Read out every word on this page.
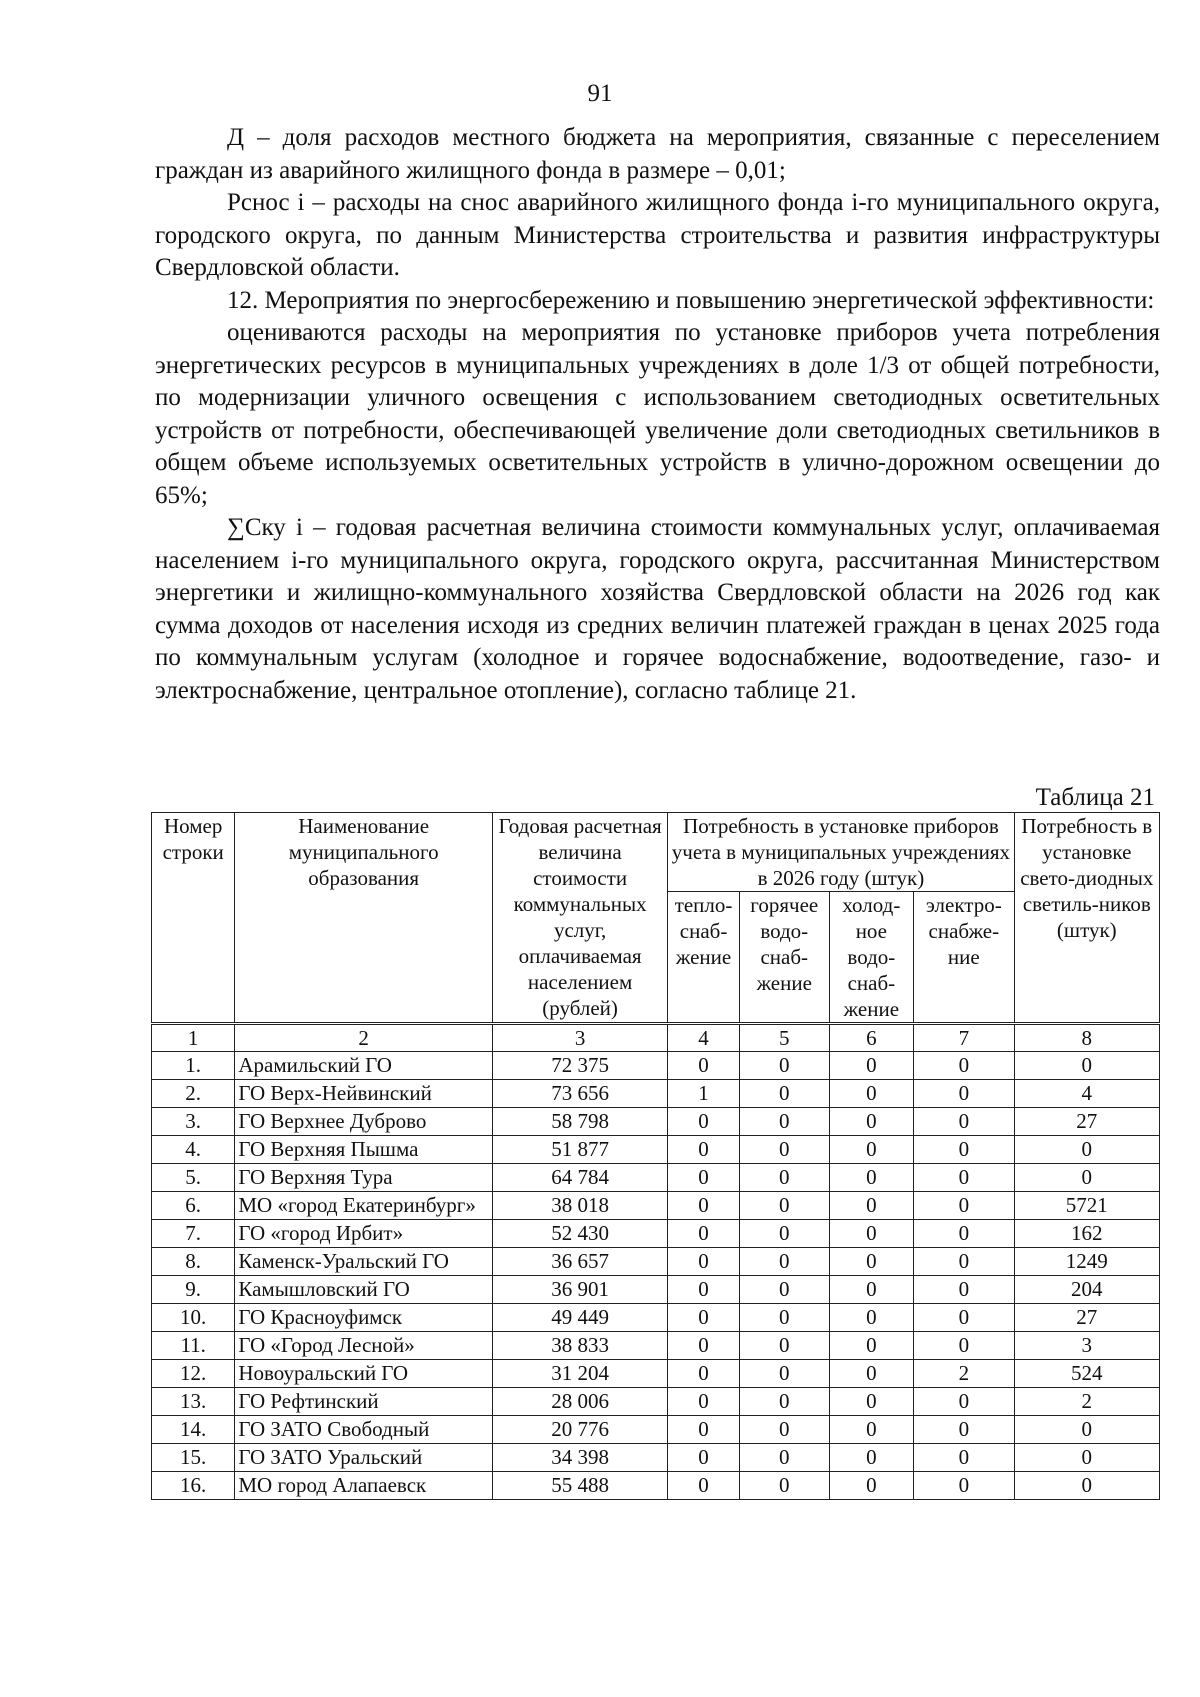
91

Д – доля расходов местного бюджета на мероприятия, связанные с переселением граждан из аварийного жилищного фонда в размере – 0,01;

Рснос i – расходы на снос аварийного жилищного фонда i-го муниципального округа, городского округа, по данным Министерства строительства и развития инфраструктуры Свердловской области.

12. Мероприятия по энергосбережению и повышению энергетической эффективности:

оцениваются расходы на мероприятия по установке приборов учета потребления энергетических ресурсов в муниципальных учреждениях в доле 1/3 от общей потребности, по модернизации уличного освещения с использованием светодиодных осветительных устройств от потребности, обеспечивающей увеличение доли светодиодных светильников в общем объеме используемых осветительных устройств в улично-дорожном освещении до 65%;

∑Ску i – годовая расчетная величина стоимости коммунальных услуг, оплачиваемая населением i-го муниципального округа, городского округа, рассчитанная Министерством энергетики и жилищно-коммунального хозяйства Свердловской области на 2026 год как сумма доходов от населения исходя из средних величин платежей граждан в ценах 2025 года по коммунальным услугам (холодное и горячее водоснабжение, водоотведение, газо- и электроснабжение, центральное отопление), согласно таблице 21.

Таблица 21
Номер строки	Наименование муниципального образования	Годовая расчетная величина стоимости коммунальных услуг, оплачиваемая населением (рублей)	Потребность в установке приборов учета в муниципальных учреждениях в 2026 году (штук)				Потребность в установке свето-диодных светиль-ников (штук)
			тепло-снаб-жение	горячее водо-снаб-жение	холод-ное водо-снаб-жение	электро-снабже-ние	
1	2	3	4	5	6	7	8
1.	Арамильский ГО	72 375	0	0	0	0	0
2.	ГО Верх-Нейвинский	73 656	1	0	0	0	4
3.	ГО Верхнее Дуброво	58 798	0	0	0	0	27
4.	ГО Верхняя Пышма	51 877	0	0	0	0	0
5.	ГО Верхняя Тура	64 784	0	0	0	0	0
6.	МО «город Екатеринбург»	38 018	0	0	0	0	5721
7.	ГО «город Ирбит»	52 430	0	0	0	0	162
8.	Каменск-Уральский ГО	36 657	0	0	0	0	1249
9.	Камышловский ГО	36 901	0	0	0	0	204
10.	ГО Красноуфимск	49 449	0	0	0	0	27
11.	ГО «Город Лесной»	38 833	0	0	0	0	3
12.	Новоуральский ГО	31 204	0	0	0	2	524
13.	ГО Рефтинский	28 006	0	0	0	0	2
14.	ГО ЗАТО Свободный	20 776	0	0	0	0	0
15.	ГО ЗАТО Уральский	34 398	0	0	0	0	0
16.	МО город Алапаевск	55 488	0	0	0	0	0
